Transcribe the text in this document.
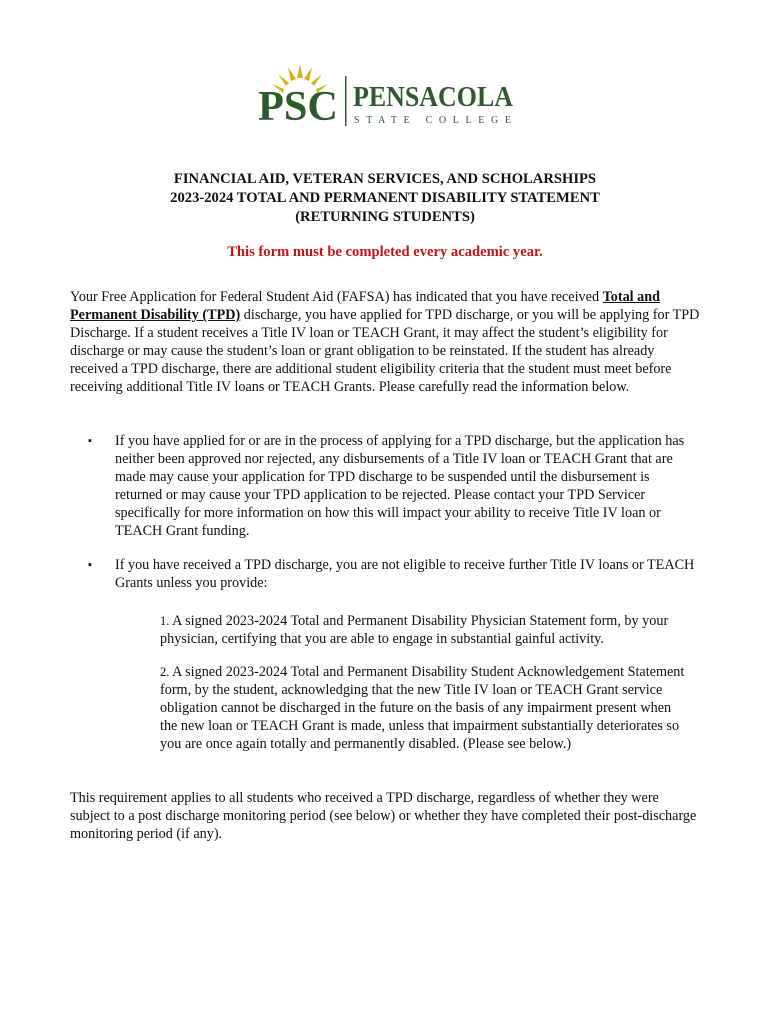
PSC PENSACOLA
STATE COLLEGE
FINANCIAL AID, VETERAN SERVICES, AND SCHOLARSHIPS
2023-2024 TOTAL AND PERMANENT DISABILITY STATEMENT
(RETURNING STUDENTS)
This form must be completed every academic year.
Your Free Application for Federal Student Aid (FAFSA) has indicated that you have received Total and Permanent Disability (TPD) discharge, you have applied for TPD discharge, or you will be applying for TPD Discharge. If a student receives a Title IV loan or TEACH Grant, it may affect the student’s eligibility for discharge or may cause the student’s loan or grant obligation to be reinstated. If the student has already received a TPD discharge, there are additional student eligibility criteria that the student must meet before receiving additional Title IV loans or TEACH Grants. Please carefully read the information below.
▪ If you have applied for or are in the process of applying for a TPD discharge, but the application has neither been approved nor rejected, any disbursements of a Title IV loan or TEACH Grant that are made may cause your application for TPD discharge to be suspended until the disbursement is returned or may cause your TPD application to be rejected. Please contact your TPD Servicer specifically for more information on how this will impact your ability to receive Title IV loan or TEACH Grant funding.
▪ If you have received a TPD discharge, you are not eligible to receive further Title IV loans or TEACH Grants unless you provide:
1. A signed 2023-2024 Total and Permanent Disability Physician Statement form, by your physician, certifying that you are able to engage in substantial gainful activity.
2. A signed 2023-2024 Total and Permanent Disability Student Acknowledgement Statement form, by the student, acknowledging that the new Title IV loan or TEACH Grant service obligation cannot be discharged in the future on the basis of any impairment present when the new loan or TEACH Grant is made, unless that impairment substantially deteriorates so you are once again totally and permanently disabled. (Please see below.)
This requirement applies to all students who received a TPD discharge, regardless of whether they were subject to a post discharge monitoring period (see below) or whether they have completed their post-discharge monitoring period (if any).
